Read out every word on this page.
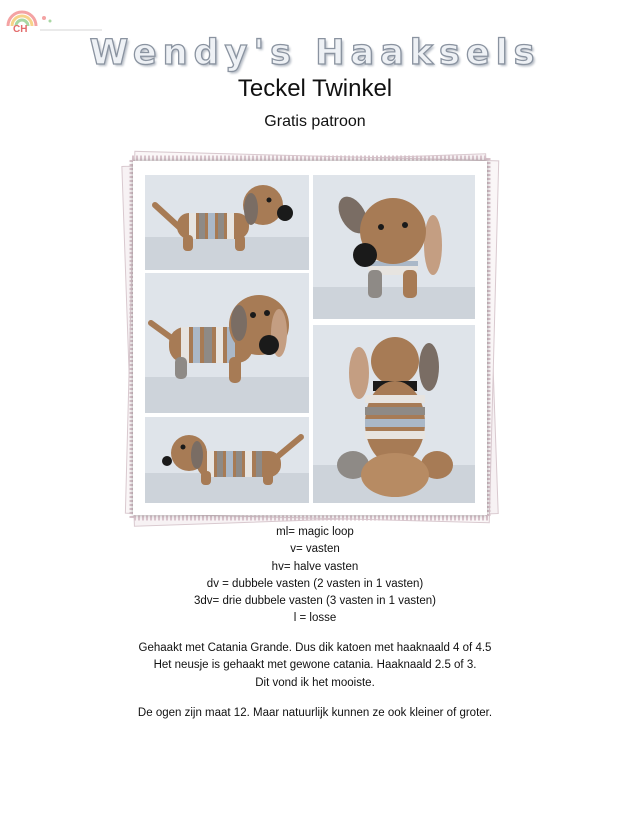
CH
Wendy's Haaksels
Teckel Twinkel
Gratis patroon
ml= magic loop
v= vasten
hv= halve vasten
dv = dubbele vasten (2 vasten in 1 vasten)
3dv= drie dubbele vasten (3 vasten in 1 vasten)
l = losse
Gehaakt met Catania Grande. Dus dik katoen met haaknaald 4 of 4.5
Het neusje is gehaakt met gewone catania. Haaknaald 2.5 of 3.
Dit vond ik het mooiste.
De ogen zijn maat 12. Maar natuurlijk kunnen ze ook kleiner of groter.
